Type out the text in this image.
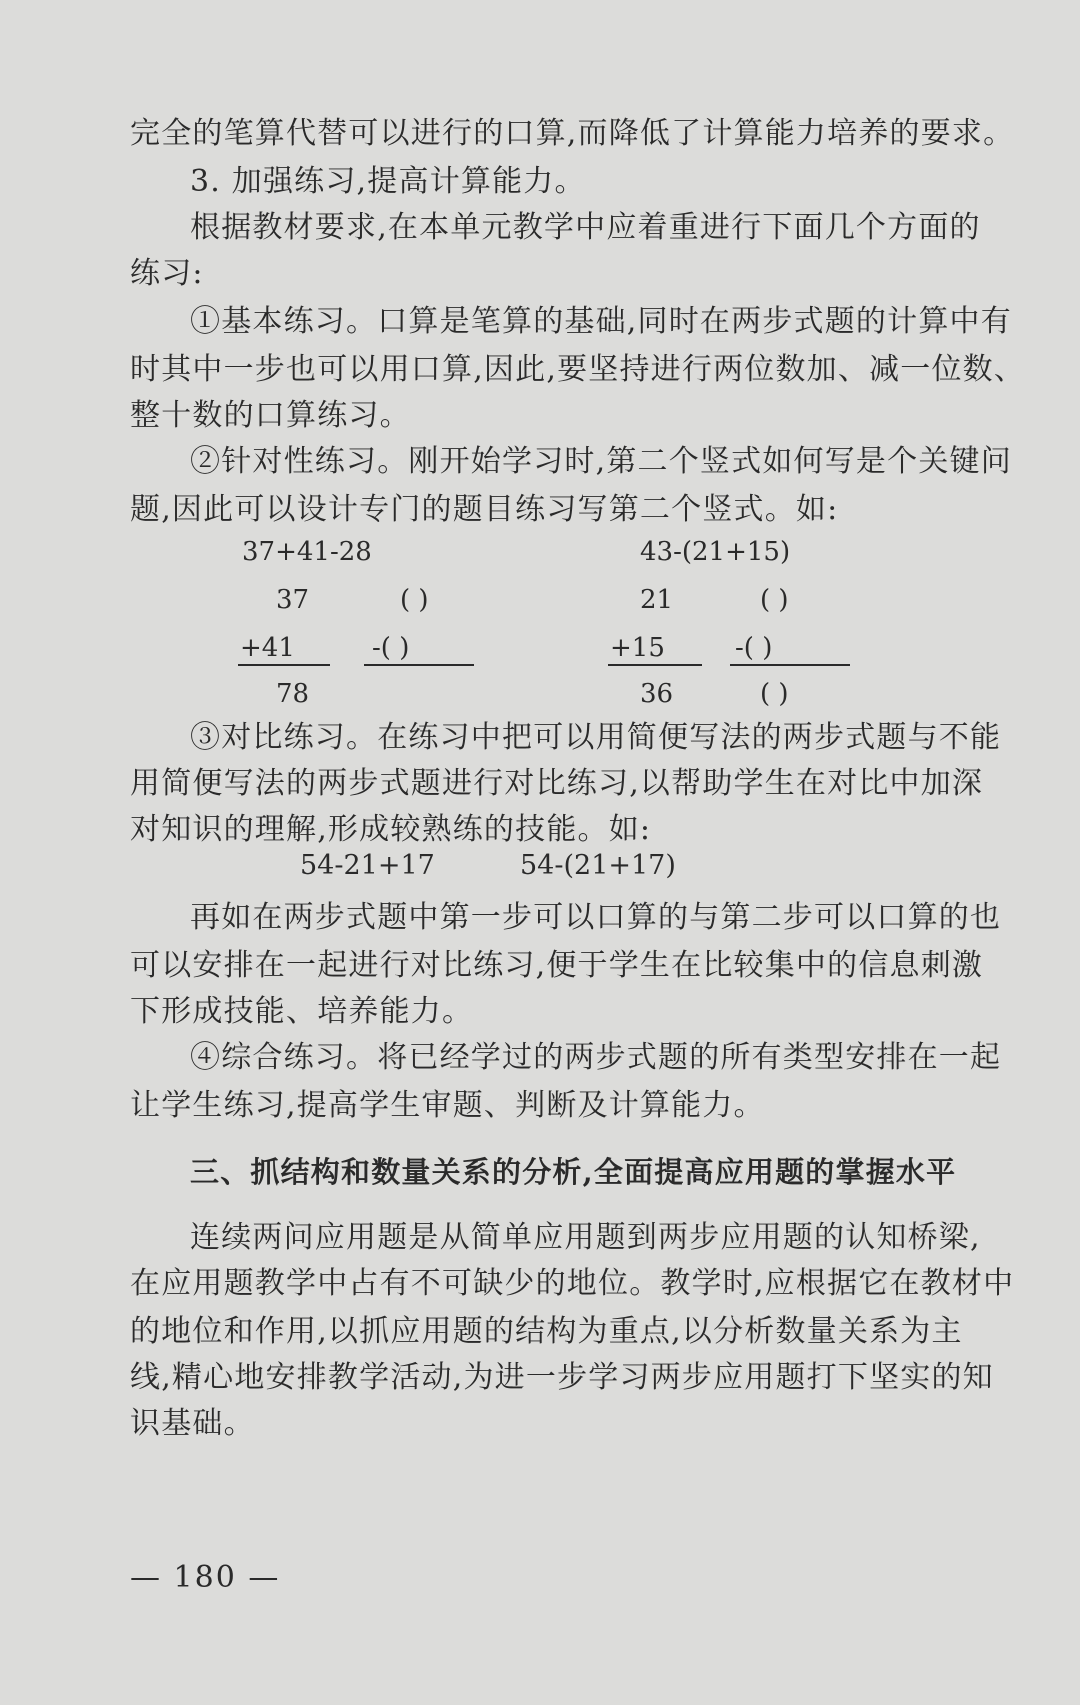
完全的笔算代替可以进行的口算,而降低了计算能力培养的要求。
3. 加强练习,提高计算能力。
根据教材要求,在本单元教学中应着重进行下面几个方面的
练习:
①基本练习。口算是笔算的基础,同时在两步式题的计算中有
时其中一步也可以用口算,因此,要坚持进行两位数加、减一位数、
整十数的口算练习。
②针对性练习。刚开始学习时,第二个竖式如何写是个关键问
题,因此可以设计专门的题目练习写第二个竖式。如:
37+41-28
37
+41
78
( )
-( )
43-(21+15)
21
+15
36
( )
-( )
( )
③对比练习。在练习中把可以用简便写法的两步式题与不能
用简便写法的两步式题进行对比练习,以帮助学生在对比中加深
对知识的理解,形成较熟练的技能。如:
54-21+17	54-(21+17)
再如在两步式题中第一步可以口算的与第二步可以口算的也
可以安排在一起进行对比练习,便于学生在比较集中的信息刺激
下形成技能、培养能力。
④综合练习。将已经学过的两步式题的所有类型安排在一起
让学生练习,提高学生审题、判断及计算能力。
三、抓结构和数量关系的分析,全面提高应用题的掌握水平
连续两问应用题是从简单应用题到两步应用题的认知桥梁,
在应用题教学中占有不可缺少的地位。教学时,应根据它在教材中
的地位和作用,以抓应用题的结构为重点,以分析数量关系为主
线,精心地安排教学活动,为进一步学习两步应用题打下坚实的知
识基础。
— 180 —
